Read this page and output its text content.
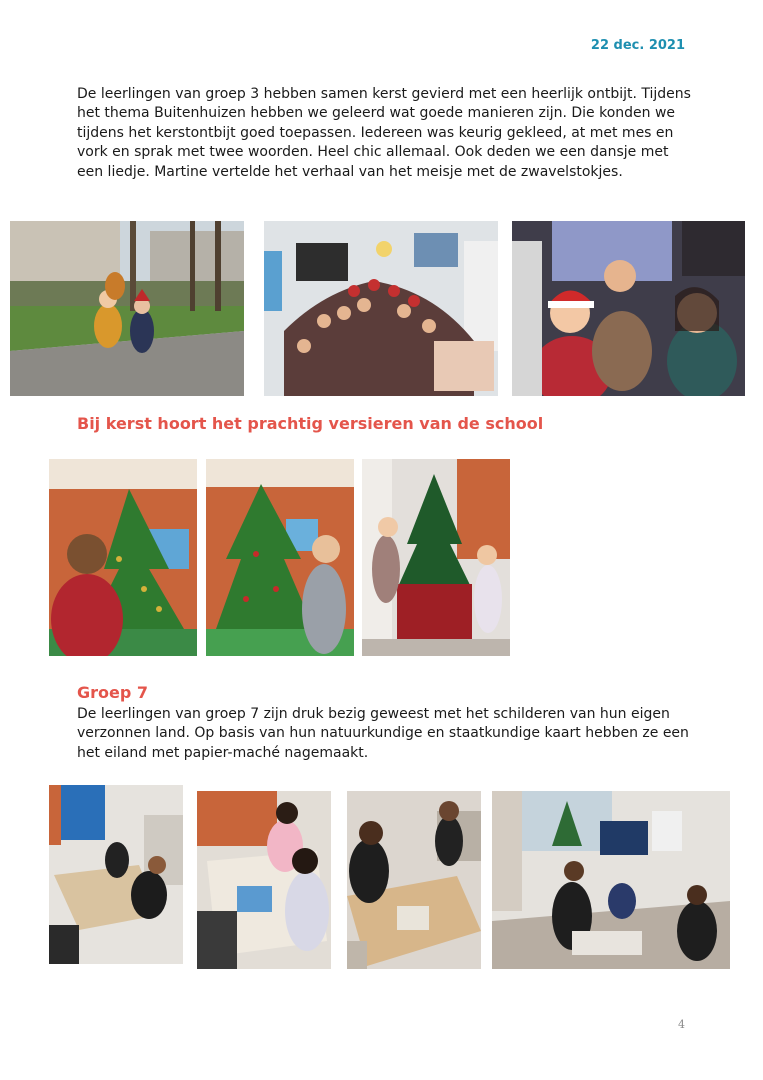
22 dec. 2021

De leerlingen van groep 3 hebben samen kerst gevierd met een heerlijk ontbijt. Tijdens het thema Buitenhuizen hebben we geleerd wat goede manieren zijn. Die konden we tijdens het kerstontbijt goed toepassen. Iedereen was keurig gekleed, at met mes en vork en sprak met twee woorden. Heel chic allemaal. Ook deden we een dansje met een liedje. Martine vertelde het verhaal van het meisje met de zwavelstokjes.

Bij kerst hoort het prachtig versieren van de school
Groep 7

De leerlingen van groep 7 zijn druk bezig geweest met het schilderen van hun eigen verzonnen land. Op basis van hun natuurkundige en staatkundige kaart hebben ze een het eiland met papier-maché nagemaakt.

4
